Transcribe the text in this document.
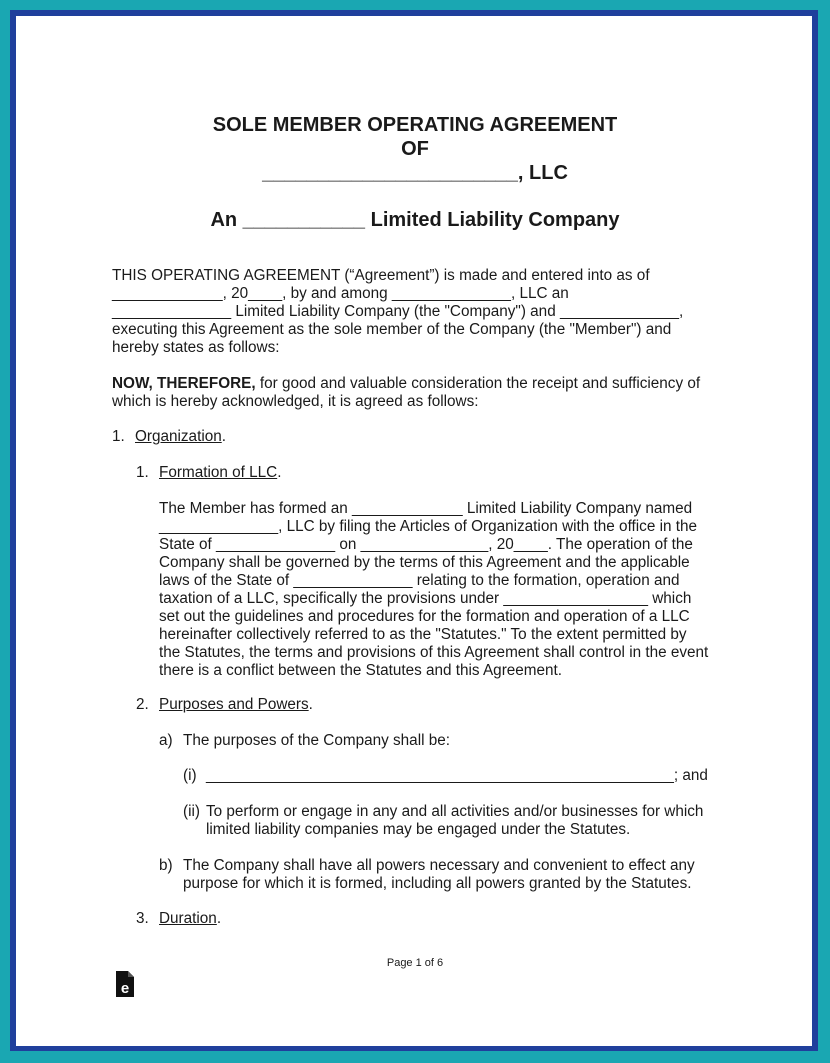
SOLE MEMBER OPERATING AGREEMENT
OF
_______________________, LLC
An ___________ Limited Liability Company
THIS OPERATING AGREEMENT (“Agreement”) is made and entered into as of
_____________, 20____, by and among ______________, LLC an
______________ Limited Liability Company (the "Company") and ______________,
executing this Agreement as the sole member of the Company (the "Member") and
hereby states as follows:
NOW, THEREFORE, for good and valuable consideration the receipt and sufficiency of
which is hereby acknowledged, it is agreed as follows:
1. Organization.
1. Formation of LLC.
The Member has formed an _____________ Limited Liability Company named
______________, LLC by filing the Articles of Organization with the office in the
State of ______________ on _______________, 20____. The operation of the
Company shall be governed by the terms of this Agreement and the applicable
laws of the State of ______________ relating to the formation, operation and
taxation of a LLC, specifically the provisions under _________________ which
set out the guidelines and procedures for the formation and operation of a LLC
hereinafter collectively referred to as the "Statutes." To the extent permitted by
the Statutes, the terms and provisions of this Agreement shall control in the event
there is a conflict between the Statutes and this Agreement.
2. Purposes and Powers.
a) The purposes of the Company shall be:
(i) _______________________________________________________; and
(ii) To perform or engage in any and all activities and/or businesses for which
limited liability companies may be engaged under the Statutes.
b) The Company shall have all powers necessary and convenient to effect any
purpose for which it is formed, including all powers granted by the Statutes.
3. Duration.
Page 1 of 6
e
